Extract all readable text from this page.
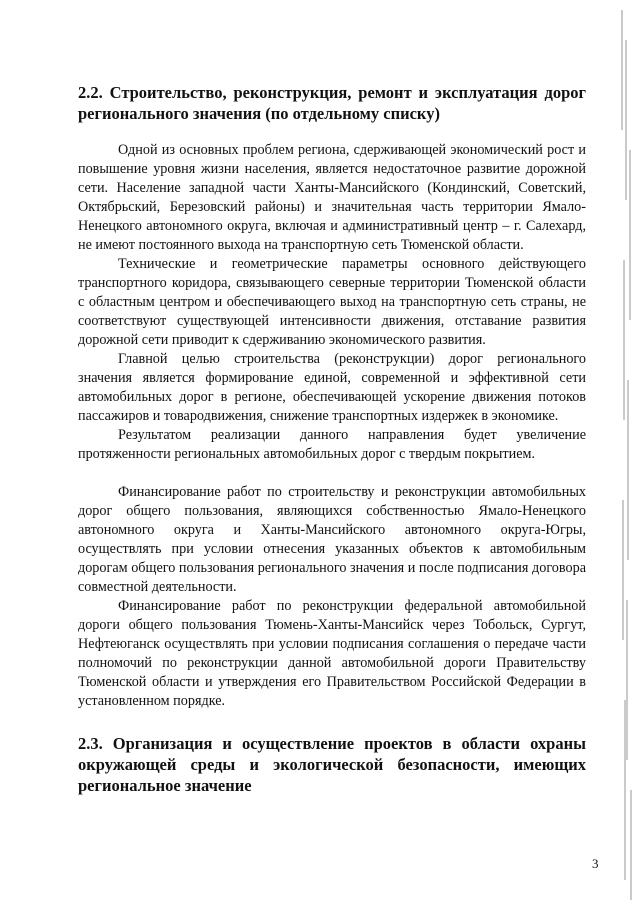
2.2. Строительство, реконструкция, ремонт и эксплуатация дорог регионального значения (по отдельному списку)

Одной из основных проблем региона, сдерживающей экономический рост и повышение уровня жизни населения, является недостаточное развитие дорожной сети. Население западной части Ханты-Мансийского (Кондинский, Советский, Октябрьский, Березовский районы) и значительная часть территории Ямало-Ненецкого автономного округа, включая и административный центр – г. Салехард, не имеют постоянного выхода на транспортную сеть Тюменской области.

Технические и геометрические параметры основного действующего транспортного коридора, связывающего северные территории Тюменской области с областным центром и обеспечивающего выход на транспортную сеть страны, не соответствуют существующей интенсивности движения, отставание развития дорожной сети приводит к сдерживанию экономического развития.

Главной целью строительства (реконструкции) дорог регионального значения является формирование единой, современной и эффективной сети автомобильных дорог в регионе, обеспечивающей ускорение движения потоков пассажиров и товародвижения, снижение транспортных издержек в экономике.

Результатом реализации данного направления будет увеличение протяженности региональных автомобильных дорог с твердым покрытием.

Финансирование работ по строительству и реконструкции автомобильных дорог общего пользования, являющихся собственностью Ямало-Ненецкого автономного округа и Ханты-Мансийского автономного округа-Югры, осуществлять при условии отнесения указанных объектов к автомобильным дорогам общего пользования регионального значения и после подписания договора совместной деятельности.

Финансирование работ по реконструкции федеральной автомобильной дороги общего пользования Тюмень-Ханты-Мансийск через Тобольск, Сургут, Нефтеюганск осуществлять при условии подписания соглашения о передаче части полномочий по реконструкции данной автомобильной дороги Правительству Тюменской области и утверждения его Правительством Российской Федерации в установленном порядке.

2.3. Организация и осуществление проектов в области охраны окружающей среды и экологической безопасности, имеющих региональное значение
3
